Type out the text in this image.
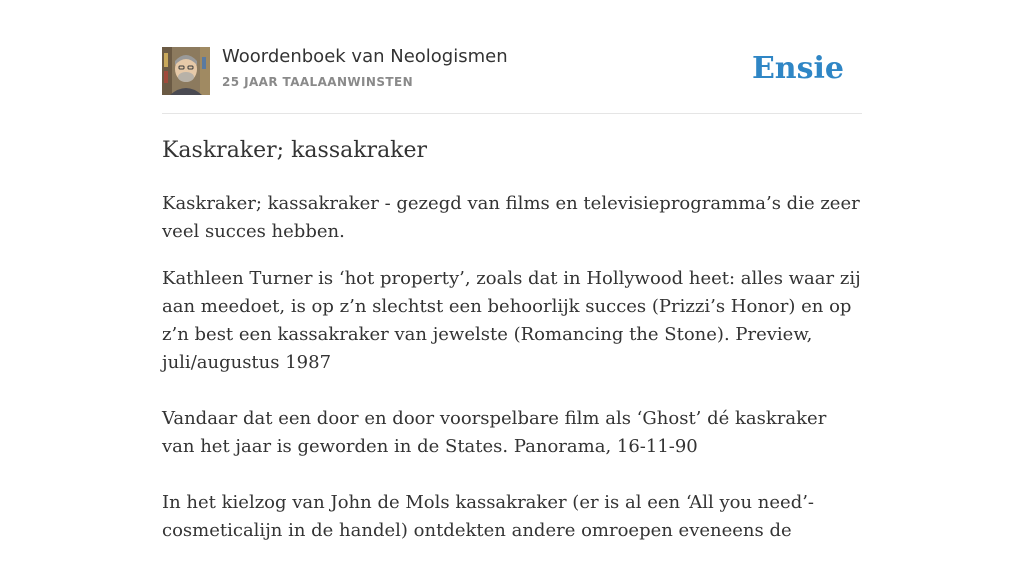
Woordenboek van Neologismen
25 JAAR TAALAANWINSTEN	Ensie
Kaskraker; kassakraker

Kaskraker; kassakraker - gezegd van films en televisieprogramma’s die zeer veel succes hebben.

Kathleen Turner is ‘hot property’, zoals dat in Hollywood heet: alles waar zij aan meedoet, is op z’n slechtst een behoorlijk succes (Prizzi’s Honor) en op z’n best een kassakraker van jewelste (Romancing the Stone). Preview, juli/augustus 1987

Vandaar dat een door en door voorspelbare film als ‘Ghost’ dé kaskraker van het jaar is geworden in de States. Panorama, 16-11-90

In het kielzog van John de Mols kassakraker (er is al een ‘All you need’-cosmeticalijn in de handel) ontdekten andere omroepen eveneens de
